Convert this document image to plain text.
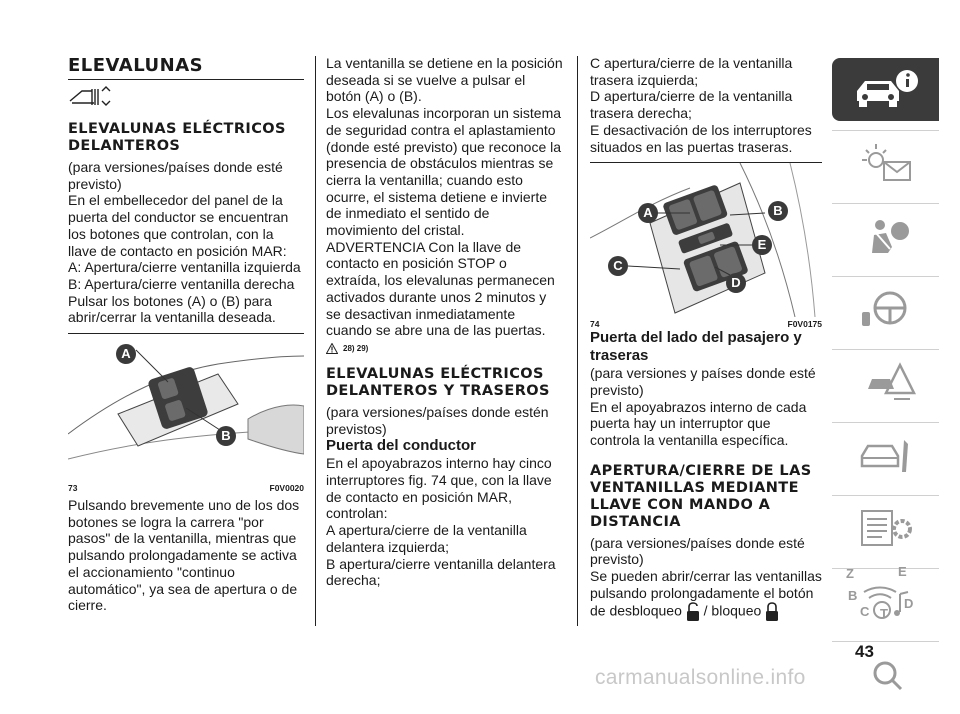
ELEVALUNAS
ELEVALUNAS ELÉCTRICOS DELANTEROS

(para versiones/países donde esté previsto)

En el embellecedor del panel de la puerta del conductor se encuentran los botones que controlan, con la llave de contacto en posición MAR:

A: Apertura/cierre ventanilla izquierda

B: Apertura/cierre ventanilla derecha

Pulsar los botones (A) o (B) para abrir/cerrar la ventanilla deseada.

A
B
73	F0V0020

Pulsando brevemente uno de los dos botones se logra la carrera "por pasos" de la ventanilla, mientras que pulsando prolongadamente se activa el accionamiento "continuo automático", ya sea de apertura o de cierre.

La ventanilla se detiene en la posición deseada si se vuelve a pulsar el botón (A) o (B).

Los elevalunas incorporan un sistema de seguridad contra el aplastamiento (donde esté previsto) que reconoce la presencia de obstáculos mientras se cierra la ventanilla; cuando esto ocurre, el sistema detiene e invierte de inmediato el sentido de movimiento del cristal.

ADVERTENCIA Con la llave de contacto en posición STOP o extraída, los elevalunas permanecen activados durante unos 2 minutos y se desactivan inmediatamente cuando se abre una de las puertas.

28) 29)
ELEVALUNAS ELÉCTRICOS DELANTEROS Y TRASEROS

(para versiones/países donde estén previstos)

Puerta del conductor

En el apoyabrazos interno hay cinco interruptores fig. 74 que, con la llave de contacto en posición MAR, controlan:

A apertura/cierre de la ventanilla delantera izquierda;

B apertura/cierre ventanilla delantera derecha;

C apertura/cierre de la ventanilla trasera izquierda;

D apertura/cierre de la ventanilla trasera derecha;

E desactivación de los interruptores situados en las puertas traseras.

A	B
E
C
D
74	F0V0175
Puerta del lado del pasajero y traseras

(para versiones y países donde esté previsto)

En el apoyabrazos interno de cada puerta hay un interruptor que controla la ventanilla específica.

APERTURA/CIERRE DE LAS VENTANILLAS MEDIANTE LLAVE CON MANDO A DISTANCIA

(para versiones/países donde esté previsto)

Se pueden abrir/cerrar las ventanillas pulsando prolongadamente el botón

de desbloqueo / bloqueo

Z	E
B
C T
D
43
carmanualsonline.info
